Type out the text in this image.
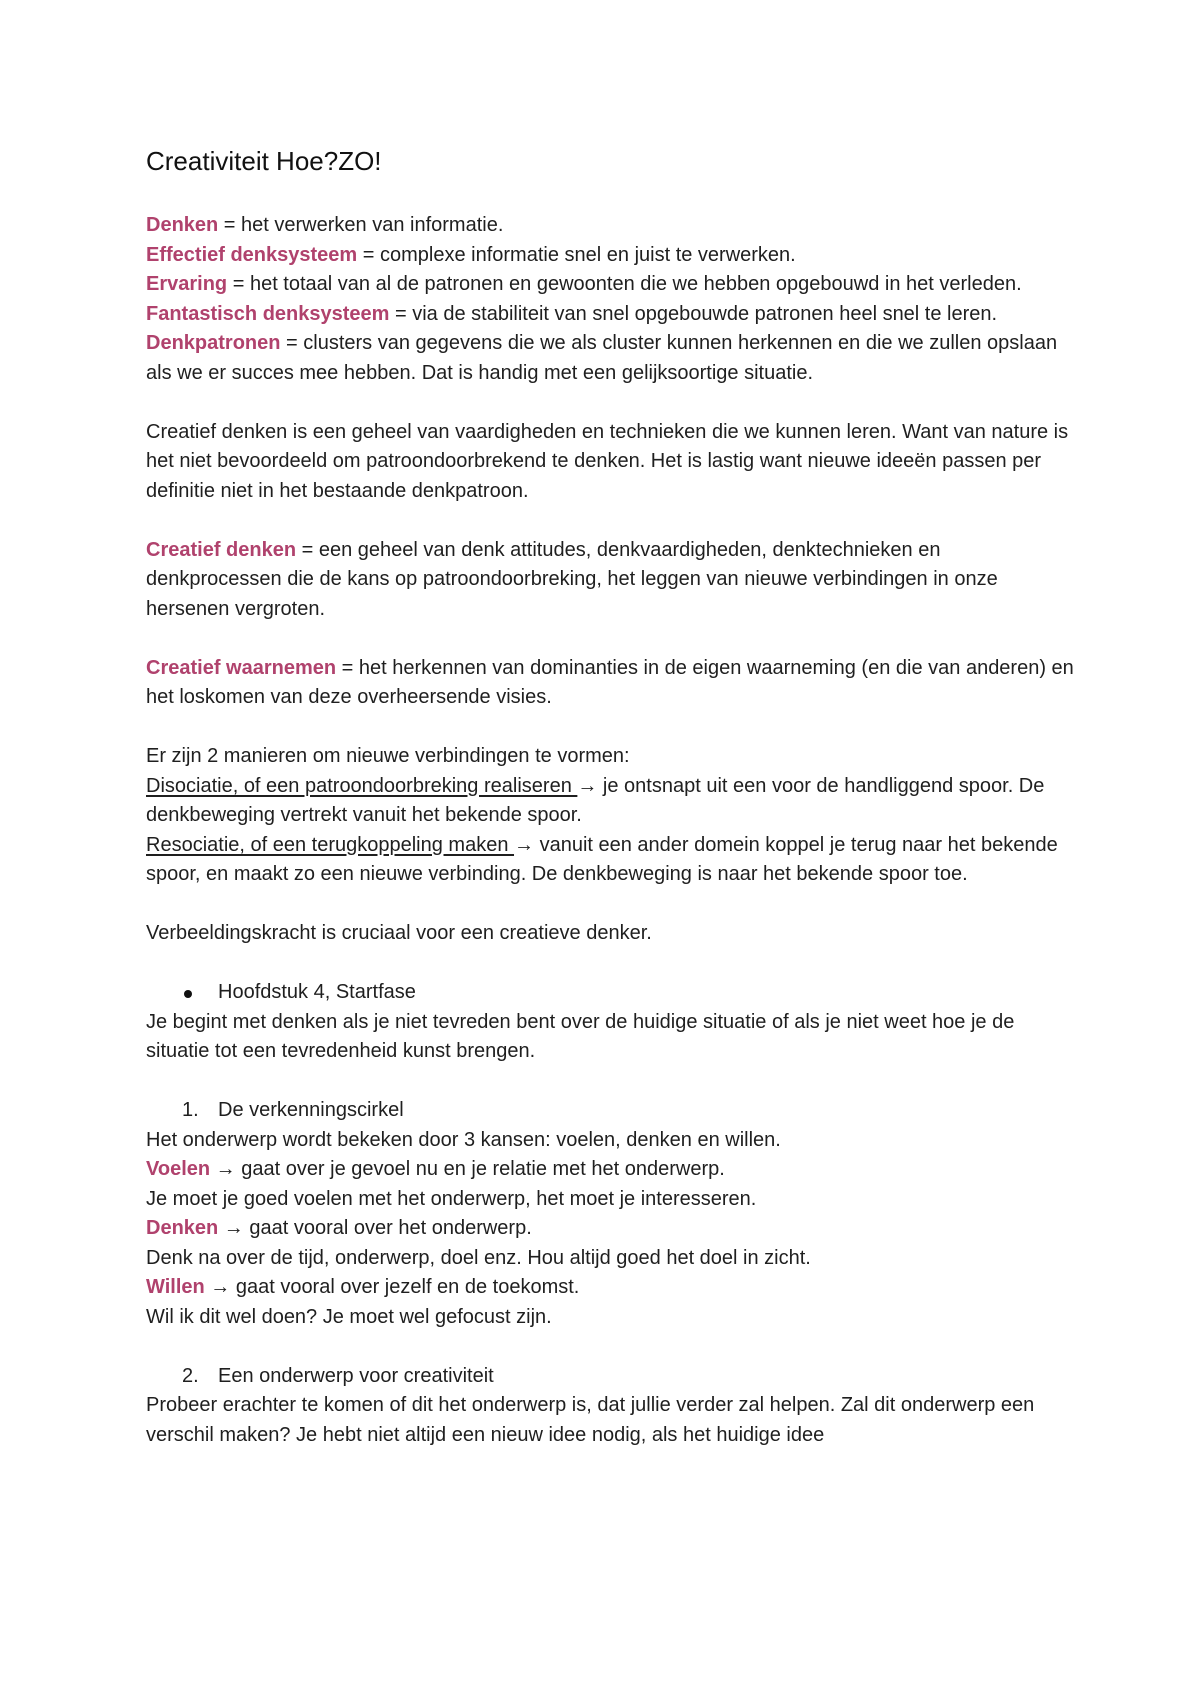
Creativiteit Hoe?ZO!

Denken = het verwerken van informatie.

Effectief denksysteem = complexe informatie snel en juist te verwerken.

Ervaring = het totaal van al de patronen en gewoonten die we hebben opgebouwd in het verleden.

Fantastisch denksysteem = via de stabiliteit van snel opgebouwde patronen heel snel te leren.

Denkpatronen = clusters van gegevens die we als cluster kunnen herkennen en die we zullen opslaan als we er succes mee hebben. Dat is handig met een gelijksoortige situatie.

Creatief denken is een geheel van vaardigheden en technieken die we kunnen leren. Want van nature is het niet bevoordeeld om patroondoorbrekend te denken. Het is lastig want nieuwe ideeën passen per definitie niet in het bestaande denkpatroon.

Creatief denken = een geheel van denk attitudes, denkvaardigheden, denktechnieken en denkprocessen die de kans op patroondoorbreking, het leggen van nieuwe verbindingen in onze hersenen vergroten.

Creatief waarnemen = het herkennen van dominanties in de eigen waarneming (en die van anderen) en het loskomen van deze overheersende visies.

Er zijn 2 manieren om nieuwe verbindingen te vormen:

Disociatie, of een patroondoorbreking realiseren → je ontsnapt uit een voor de handliggend spoor. De denkbeweging vertrekt vanuit het bekende spoor.

Resociatie, of een terugkoppeling maken → vanuit een ander domein koppel je terug naar het bekende spoor, en maakt zo een nieuwe verbinding. De denkbeweging is naar het bekende spoor toe.

Verbeeldingskracht is cruciaal voor een creatieve denker.

Hoofdstuk 4, Startfase

Je begint met denken als je niet tevreden bent over de huidige situatie of als je niet weet hoe je de situatie tot een tevredenheid kunst brengen.

1. De verkenningscirkel

Het onderwerp wordt bekeken door 3 kansen: voelen, denken en willen.

Voelen → gaat over je gevoel nu en je relatie met het onderwerp.

Je moet je goed voelen met het onderwerp, het moet je interesseren.

Denken → gaat vooral over het onderwerp.

Denk na over de tijd, onderwerp, doel enz. Hou altijd goed het doel in zicht.

Willen → gaat vooral over jezelf en de toekomst.

Wil ik dit wel doen? Je moet wel gefocust zijn.

2. Een onderwerp voor creativiteit

Probeer erachter te komen of dit het onderwerp is, dat jullie verder zal helpen. Zal dit onderwerp een verschil maken? Je hebt niet altijd een nieuw idee nodig, als het huidige idee
